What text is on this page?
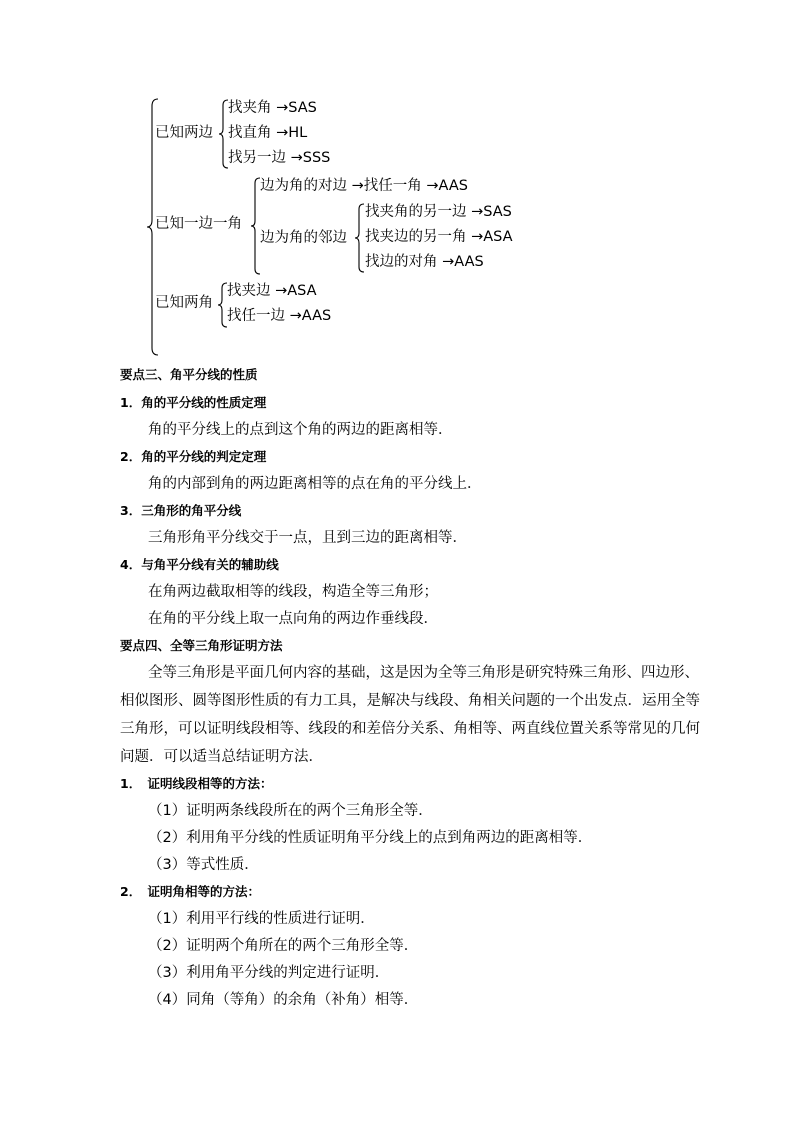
已知两边
找夹角 →SAS
找直角 →HL
找另一边 →SSS
已知一边一角
边为角的对边 →找任一角 →AAS
边为角的邻边
找夹角的另一边 →SAS
找夹边的另一角 →ASA
找边的对角 →AAS
已知两角
找夹边 →ASA
找任一边 →AAS
要点三、角平分线的性质
1．角的平分线的性质定理
角的平分线上的点到这个角的两边的距离相等．
2．角的平分线的判定定理
角的内部到角的两边距离相等的点在角的平分线上．
3．三角形的角平分线
三角形角平分线交于一点，且到三边的距离相等．
4．与角平分线有关的辅助线
在角两边截取相等的线段，构造全等三角形；
在角的平分线上取一点向角的两边作垂线段．
要点四、全等三角形证明方法
全等三角形是平面几何内容的基础，这是因为全等三角形是研究特殊三角形、四边形、
相似图形、圆等图形性质的有力工具，是解决与线段、角相关问题的一个出发点．运用全等
三角形，可以证明线段相等、线段的和差倍分关系、角相等、两直线位置关系等常见的几何
问题．可以适当总结证明方法．
1．　证明线段相等的方法：
（1）证明两条线段所在的两个三角形全等．
（2）利用角平分线的性质证明角平分线上的点到角两边的距离相等．
（3）等式性质．
2．　证明角相等的方法：
（1）利用平行线的性质进行证明．
（2）证明两个角所在的两个三角形全等．
（3）利用角平分线的判定进行证明．
（4）同角（等角）的余角（补角）相等．
